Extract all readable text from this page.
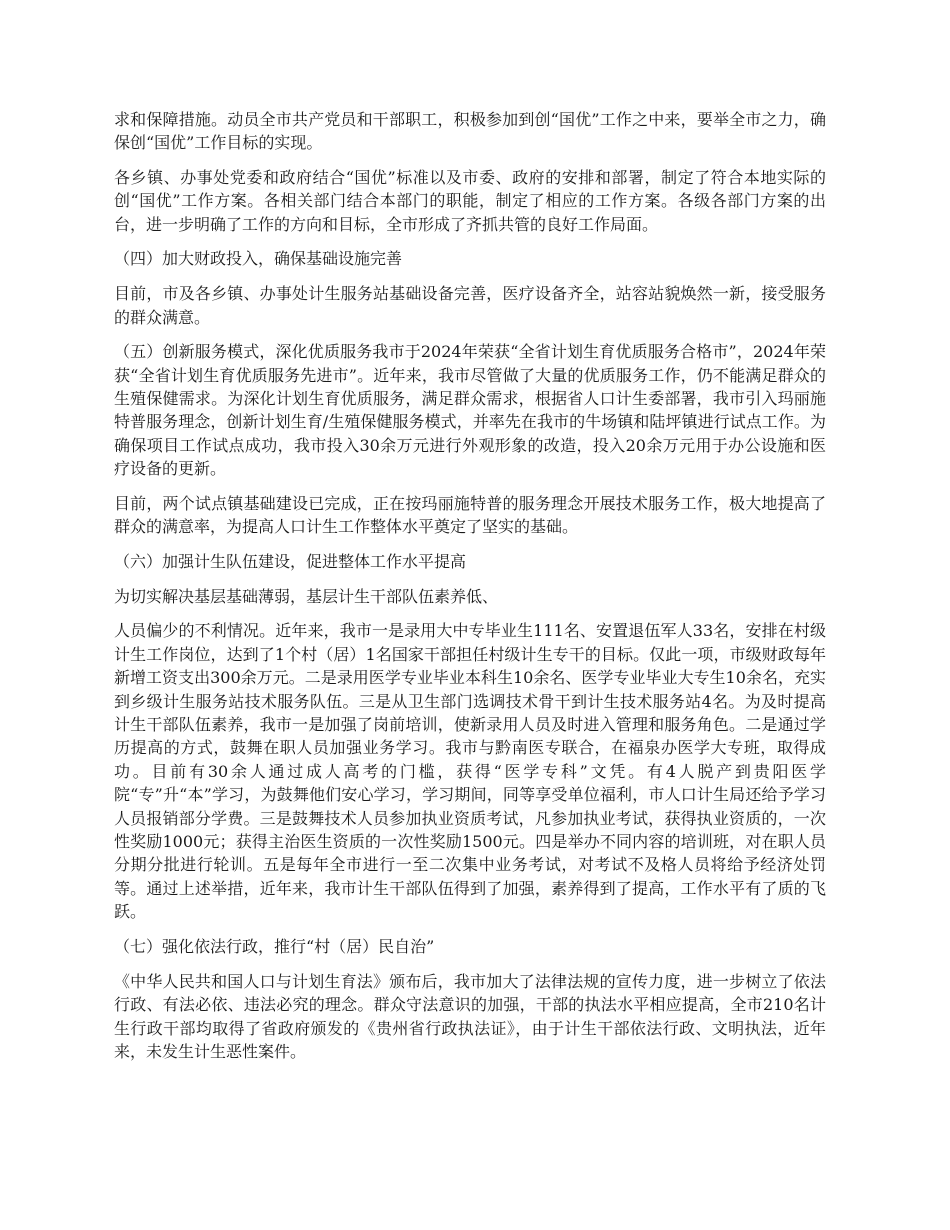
求和保障措施。动员全市共产党员和干部职工，积极参加到创“国优”工作之中来，要举全市之力，确保创“国优”工作目标的实现。

各乡镇、办事处党委和政府结合“国优”标准以及市委、政府的安排和部署，制定了符合本地实际的创“国优”工作方案。各相关部门结合本部门的职能，制定了相应的工作方案。各级各部门方案的出台，进一步明确了工作的方向和目标，全市形成了齐抓共管的良好工作局面。

（四）加大财政投入，确保基础设施完善

目前，市及各乡镇、办事处计生服务站基础设备完善，医疗设备齐全，站容站貌焕然一新，接受服务的群众满意。

（五）创新服务模式，深化优质服务我市于2024年荣获“全省计划生育优质服务合格市”，2024年荣获“全省计划生育优质服务先进市”。近年来，我市尽管做了大量的优质服务工作，仍不能满足群众的生殖保健需求。为深化计划生育优质服务，满足群众需求，根据省人口计生委部署，我市引入玛丽施特普服务理念，创新计划生育/生殖保健服务模式，并率先在我市的牛场镇和陆坪镇进行试点工作。为确保项目工作试点成功，我市投入30余万元进行外观形象的改造，投入20余万元用于办公设施和医疗设备的更新。

目前，两个试点镇基础建设已完成，正在按玛丽施特普的服务理念开展技术服务工作，极大地提高了群众的满意率，为提高人口计生工作整体水平奠定了坚实的基础。

（六）加强计生队伍建设，促进整体工作水平提高

为切实解决基层基础薄弱，基层计生干部队伍素养低、

人员偏少的不利情况。近年来，我市一是录用大中专毕业生111名、安置退伍军人33名，安排在村级计生工作岗位，达到了1个村（居）1名国家干部担任村级计生专干的目标。仅此一项，市级财政每年新增工资支出300余万元。二是录用医学专业毕业本科生10余名、医学专业毕业大专生10余名，充实到乡级计生服务站技术服务队伍。三是从卫生部门选调技术骨干到计生技术服务站4名。为及时提高计生干部队伍素养，我市一是加强了岗前培训，使新录用人员及时进入管理和服务角色。二是通过学历提高的方式，鼓舞在职人员加强业务学习。我市与黔南医专联合，在福泉办医学大专班，取得成功。目前有30余人通过成人高考的门槛，获得“医学专科”文凭。有4人脱产到贵阳医学院“专”升“本”学习，为鼓舞他们安心学习，学习期间，同等享受单位福利，市人口计生局还给予学习人员报销部分学费。三是鼓舞技术人员参加执业资质考试，凡参加执业考试，获得执业资质的，一次性奖励1000元；获得主治医生资质的一次性奖励1500元。四是举办不同内容的培训班，对在职人员分期分批进行轮训。五是每年全市进行一至二次集中业务考试，对考试不及格人员将给予经济处罚等。通过上述举措，近年来，我市计生干部队伍得到了加强，素养得到了提高，工作水平有了质的飞跃。

（七）强化依法行政，推行“村（居）民自治”

《中华人民共和国人口与计划生育法》颁布后，我市加大了法律法规的宣传力度，进一步树立了依法行政、有法必依、违法必究的理念。群众守法意识的加强，干部的执法水平相应提高，全市210名计生行政干部均取得了省政府颁发的《贵州省行政执法证》，由于计生干部依法行政、文明执法，近年来，未发生计生恶性案件。
